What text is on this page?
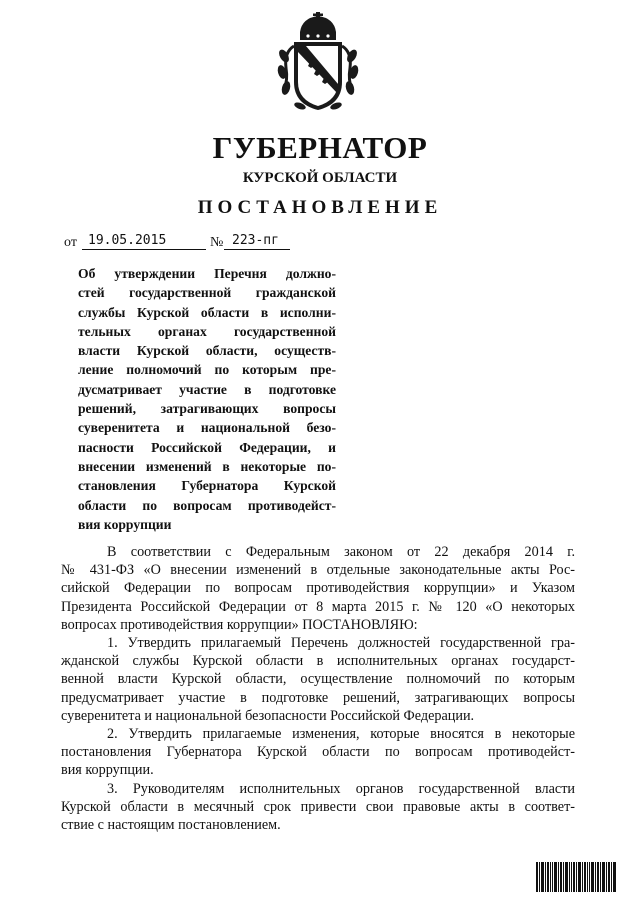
ГУБЕРНАТОР
КУРСКОЙ ОБЛАСТИ
ПОСТАНОВЛЕНИЕ
от 19.05.2015	№ 223-пг
Об утверждении Перечня должно-
стей государственной гражданской
службы Курской области в исполни-
тельных органах государственной
власти Курской области, осуществ-
ление полномочий по которым пре-
дусматривает участие в подготовке
решений, затрагивающих вопросы
суверенитета и национальной безо-
пасности Российской Федерации, и
внесении изменений в некоторые по-
становления Губернатора Курской
области по вопросам противодейст-
вия коррупции
В соответствии с Федеральным законом от 22 декабря 2014 г.
№ 431-ФЗ «О внесении изменений в отдельные законодательные акты Рос-
сийской Федерации по вопросам противодействия коррупции» и Указом
Президента Российской Федерации от 8 марта 2015 г. № 120 «О некоторых
вопросах противодействия коррупции» ПОСТАНОВЛЯЮ:
1. Утвердить прилагаемый Перечень должностей государственной гра-
жданской службы Курской области в исполнительных органах государст-
венной власти Курской области, осуществление полномочий по которым
предусматривает участие в подготовке решений, затрагивающих вопросы
суверенитета и национальной безопасности Российской Федерации.
2. Утвердить прилагаемые изменения, которые вносятся в некоторые
постановления Губернатора Курской области по вопросам противодейст-
вия коррупции.
3. Руководителям исполнительных органов государственной власти
Курской области в месячный срок привести свои правовые акты в соответ-
ствие с настоящим постановлением.
